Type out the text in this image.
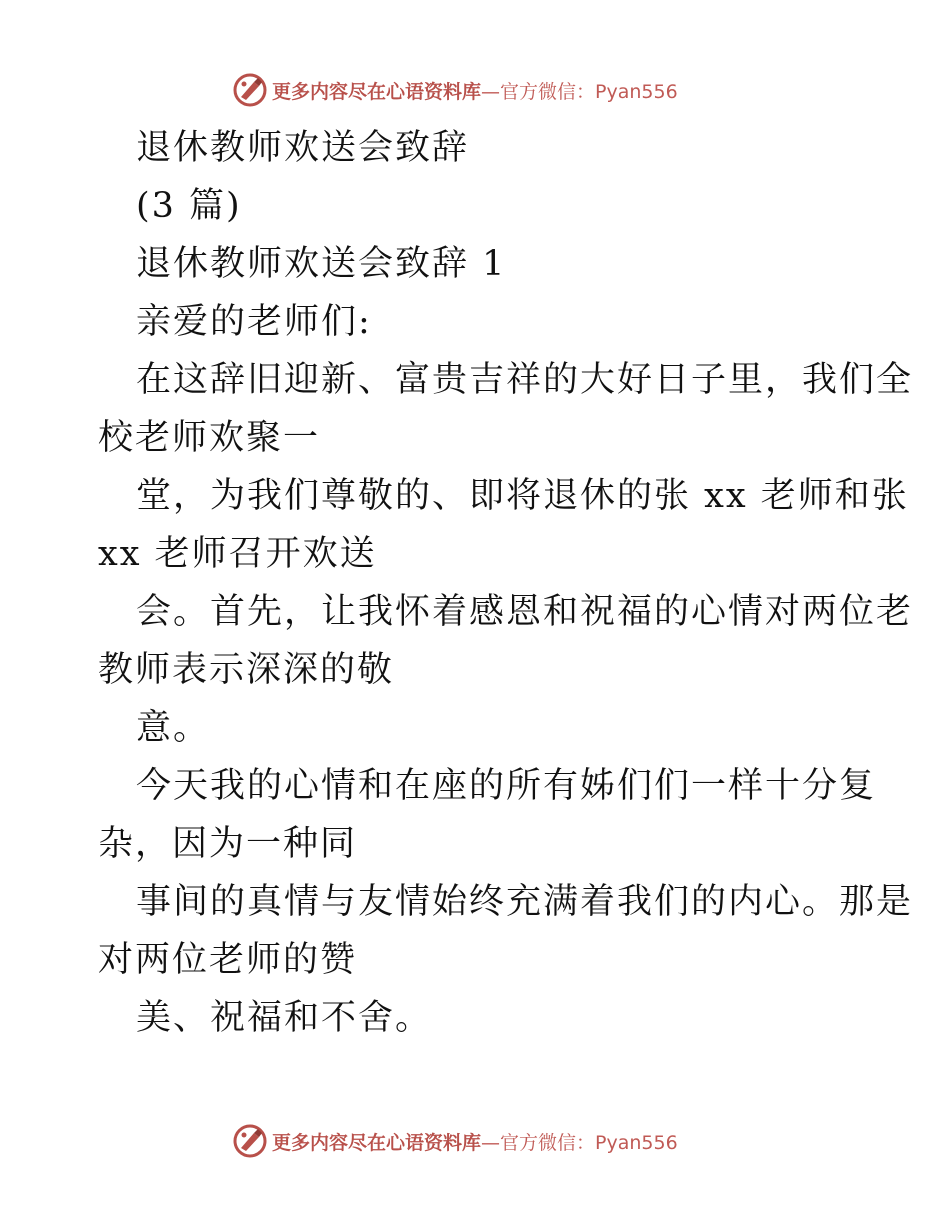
更多内容尽在心语资料库 —官方微信：Pyan556
退休教师欢送会致辞
(3 篇)
退休教师欢送会致辞 1
亲爱的老师们:
在这辞旧迎新、富贵吉祥的大好日子里，我们全
校老师欢聚一
堂，为我们尊敬的、即将退休的张 xx 老师和张
xx 老师召开欢送
会。首先，让我怀着感恩和祝福的心情对两位老
教师表示深深的敬
意。
今天我的心情和在座的所有姊们们一样十分复
杂，因为一种同
事间的真情与友情始终充满着我们的内心。那是
对两位老师的赞
美、祝福和不舍。
更多内容尽在心语资料库 —官方微信：Pyan556
